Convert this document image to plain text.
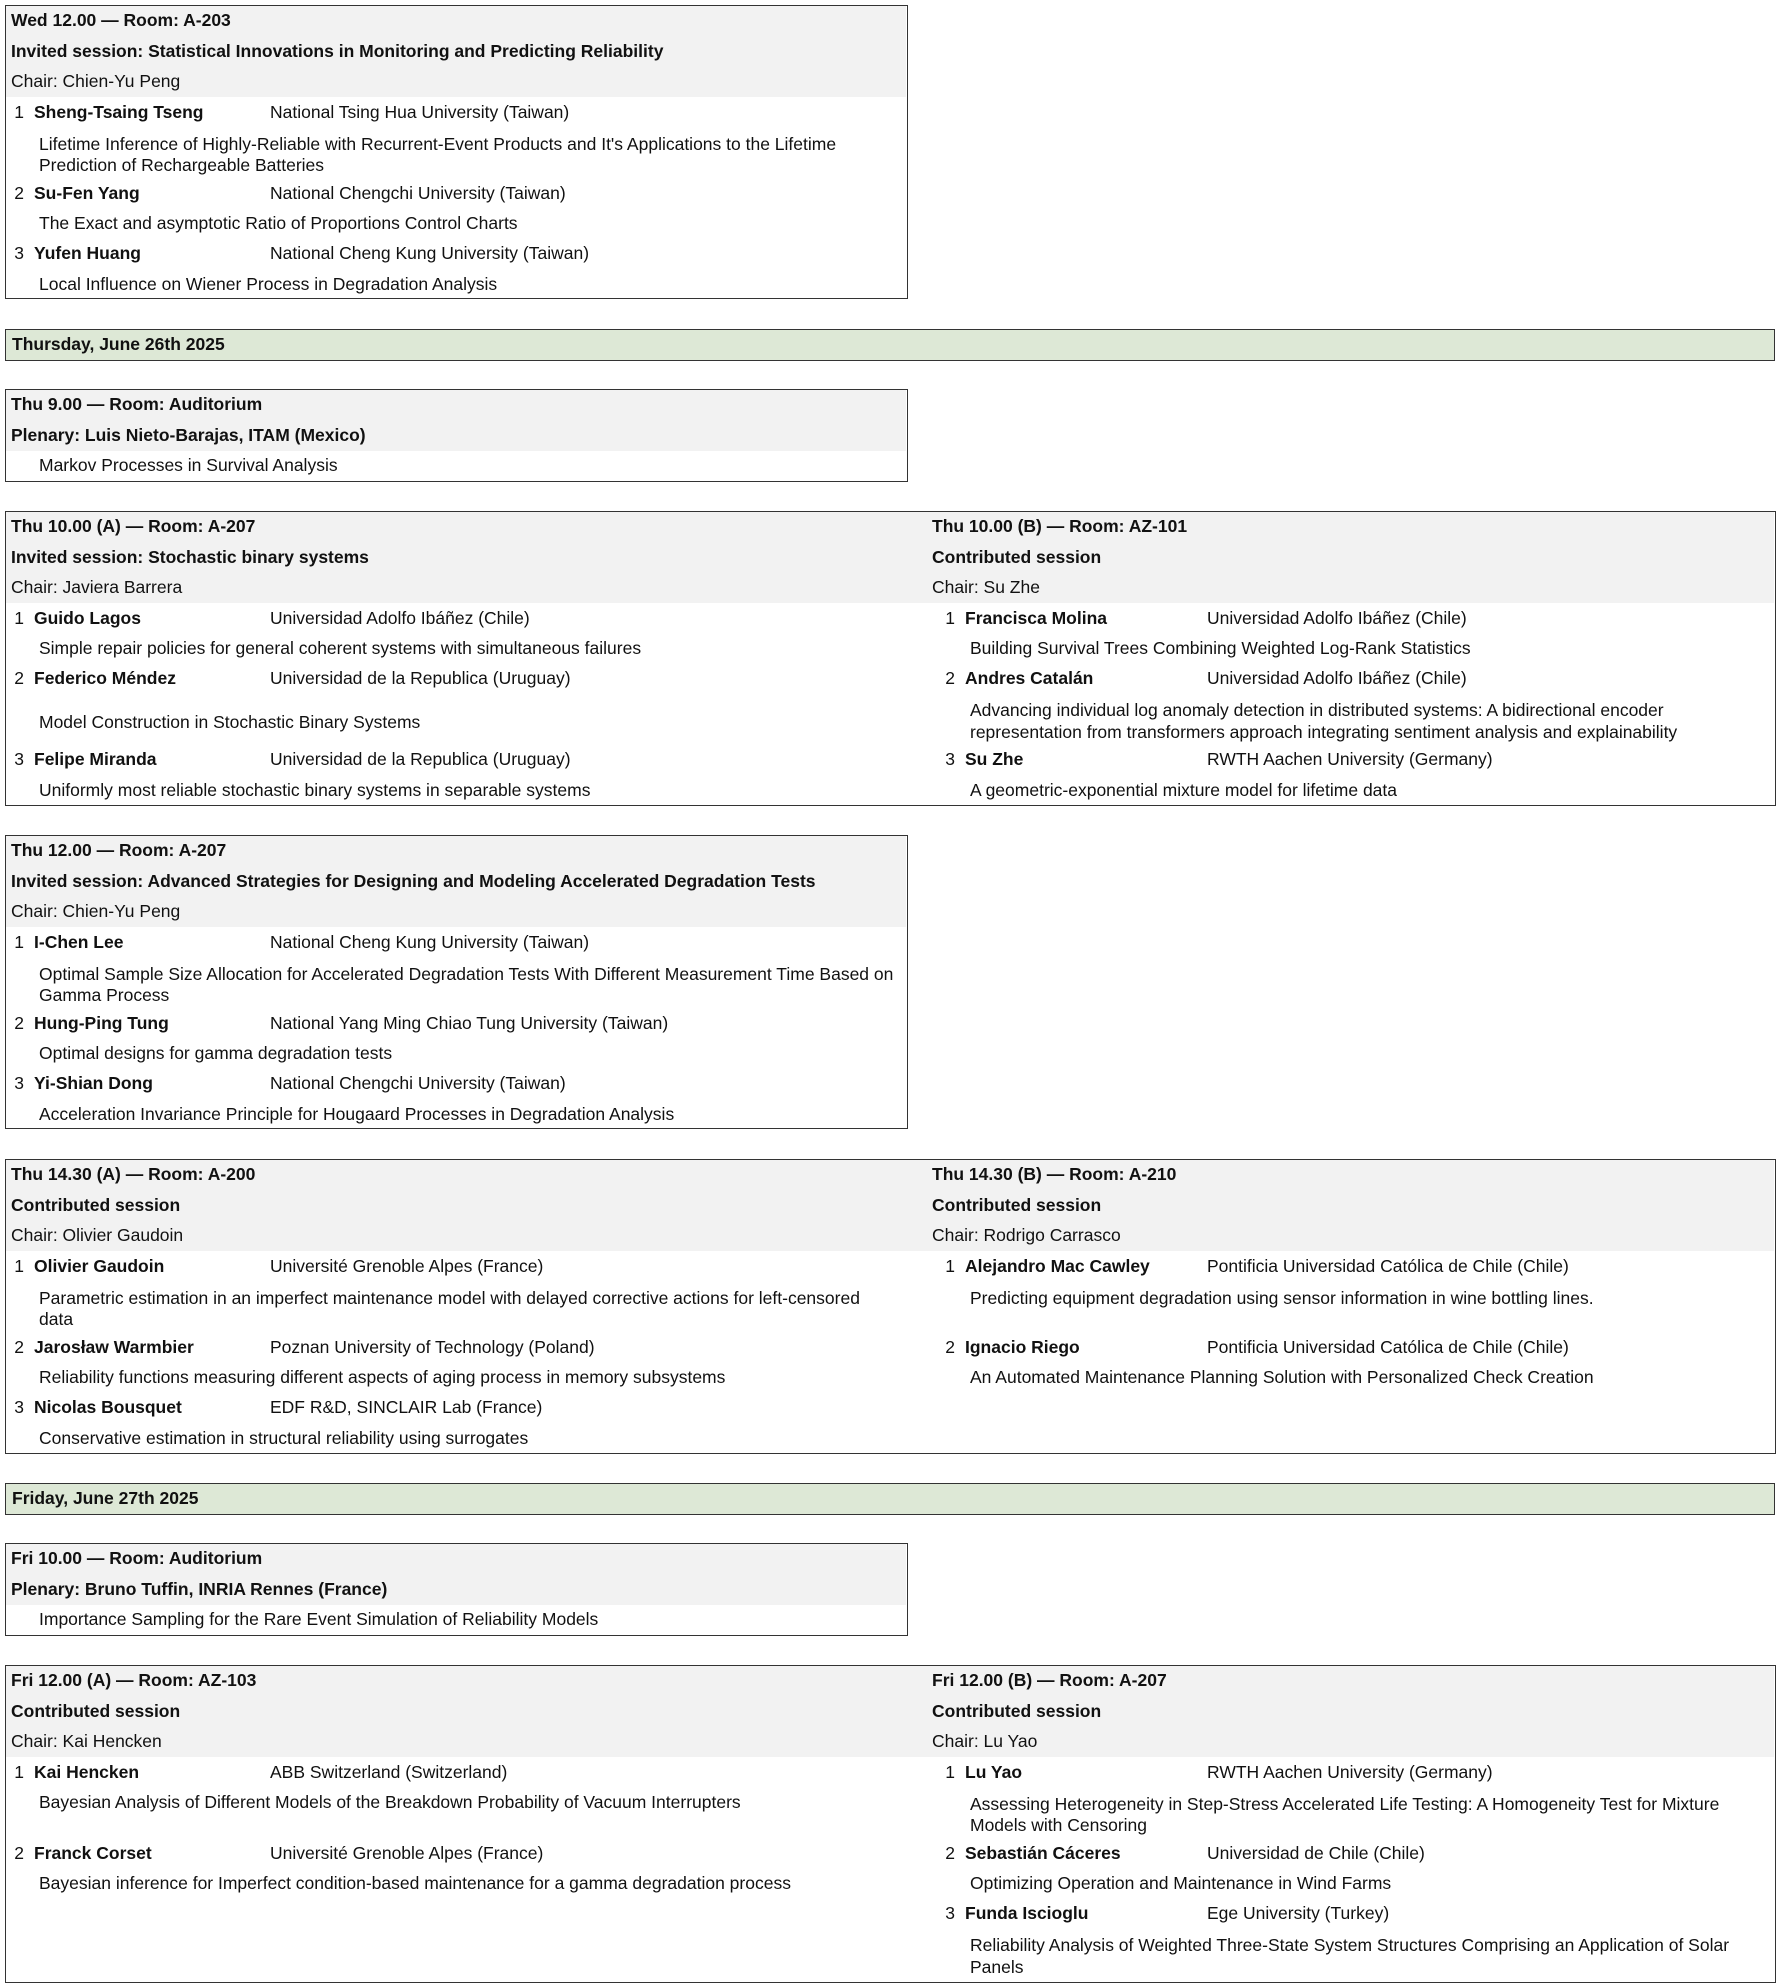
Wed 12.00 — Room: A-203
Invited session: Statistical Innovations in Monitoring and Predicting Reliability
Chair: Chien-Yu Peng
1 Sheng-Tsaing Tseng	National Tsing Hua University (Taiwan)
Lifetime Inference of Highly-Reliable with Recurrent-Event Products and It's Applications to the Lifetime Prediction of Rechargeable Batteries
2 Su-Fen Yang	National Chengchi University (Taiwan)
The Exact and asymptotic Ratio of Proportions Control Charts
3 Yufen Huang	National Cheng Kung University (Taiwan)
Local Influence on Wiener Process in Degradation Analysis
Thursday, June 26th 2025
Thu 9.00 — Room: Auditorium
Plenary: Luis Nieto-Barajas, ITAM (Mexico)
Markov Processes in Survival Analysis
Thu 10.00 (A) — Room: A-207
Invited session: Stochastic binary systems
Chair: Javiera Barrera
1 Guido Lagos	Universidad Adolfo Ibáñez (Chile)
Simple repair policies for general coherent systems with simultaneous failures
2 Federico Méndez	Universidad de la Republica (Uruguay)
Model Construction in Stochastic Binary Systems
3 Felipe Miranda	Universidad de la Republica (Uruguay)
Uniformly most reliable stochastic binary systems in separable systems
Thu 10.00 (B) — Room: AZ-101
Contributed session
Chair: Su Zhe
1 Francisca Molina	Universidad Adolfo Ibáñez (Chile)
Building Survival Trees Combining Weighted Log-Rank Statistics
2 Andres Catalán	Universidad Adolfo Ibáñez (Chile)
Advancing individual log anomaly detection in distributed systems: A bidirectional encoder representation from transformers approach integrating sentiment analysis and explainability
3 Su Zhe	RWTH Aachen University (Germany)
A geometric-exponential mixture model for lifetime data
Thu 12.00 — Room: A-207
Invited session: Advanced Strategies for Designing and Modeling Accelerated Degradation Tests
Chair: Chien-Yu Peng
1 I-Chen Lee	National Cheng Kung University (Taiwan)
Optimal Sample Size Allocation for Accelerated Degradation Tests With Different Measurement Time Based on Gamma Process
2 Hung-Ping Tung	National Yang Ming Chiao Tung University (Taiwan)
Optimal designs for gamma degradation tests
3 Yi-Shian Dong	National Chengchi University (Taiwan)
Acceleration Invariance Principle for Hougaard Processes in Degradation Analysis
Thu 14.30 (A) — Room: A-200
Contributed session
Chair: Olivier Gaudoin
1 Olivier Gaudoin	Université Grenoble Alpes (France)
Parametric estimation in an imperfect maintenance model with delayed corrective actions for left-censored data
2 Jarosław Warmbier	Poznan University of Technology (Poland)
Reliability functions measuring different aspects of aging process in memory subsystems
3 Nicolas Bousquet	EDF R&D, SINCLAIR Lab (France)
Conservative estimation in structural reliability using surrogates
Thu 14.30 (B) — Room: A-210
Contributed session
Chair: Rodrigo Carrasco
1 Alejandro Mac Cawley	Pontificia Universidad Católica de Chile (Chile)
Predicting equipment degradation using sensor information in wine bottling lines.
2 Ignacio Riego	Pontificia Universidad Católica de Chile (Chile)
An Automated Maintenance Planning Solution with Personalized Check Creation
Friday, June 27th 2025
Fri 10.00 — Room: Auditorium
Plenary: Bruno Tuffin, INRIA Rennes (France)
Importance Sampling for the Rare Event Simulation of Reliability Models
Fri 12.00 (A) — Room: AZ-103
Contributed session
Chair: Kai Hencken
1 Kai Hencken	ABB Switzerland (Switzerland)
Bayesian Analysis of Different Models of the Breakdown Probability of Vacuum Interrupters
2 Franck Corset	Université Grenoble Alpes (France)
Bayesian inference for Imperfect condition-based maintenance for a gamma degradation process
Fri 12.00 (B) — Room: A-207
Contributed session
Chair: Lu Yao
1 Lu Yao	RWTH Aachen University (Germany)
Assessing Heterogeneity in Step-Stress Accelerated Life Testing: A Homogeneity Test for Mixture Models with Censoring
2 Sebastián Cáceres	Universidad de Chile (Chile)
Optimizing Operation and Maintenance in Wind Farms
3 Funda Iscioglu	Ege University (Turkey)
Reliability Analysis of Weighted Three-State System Structures Comprising an Application of Solar Panels
